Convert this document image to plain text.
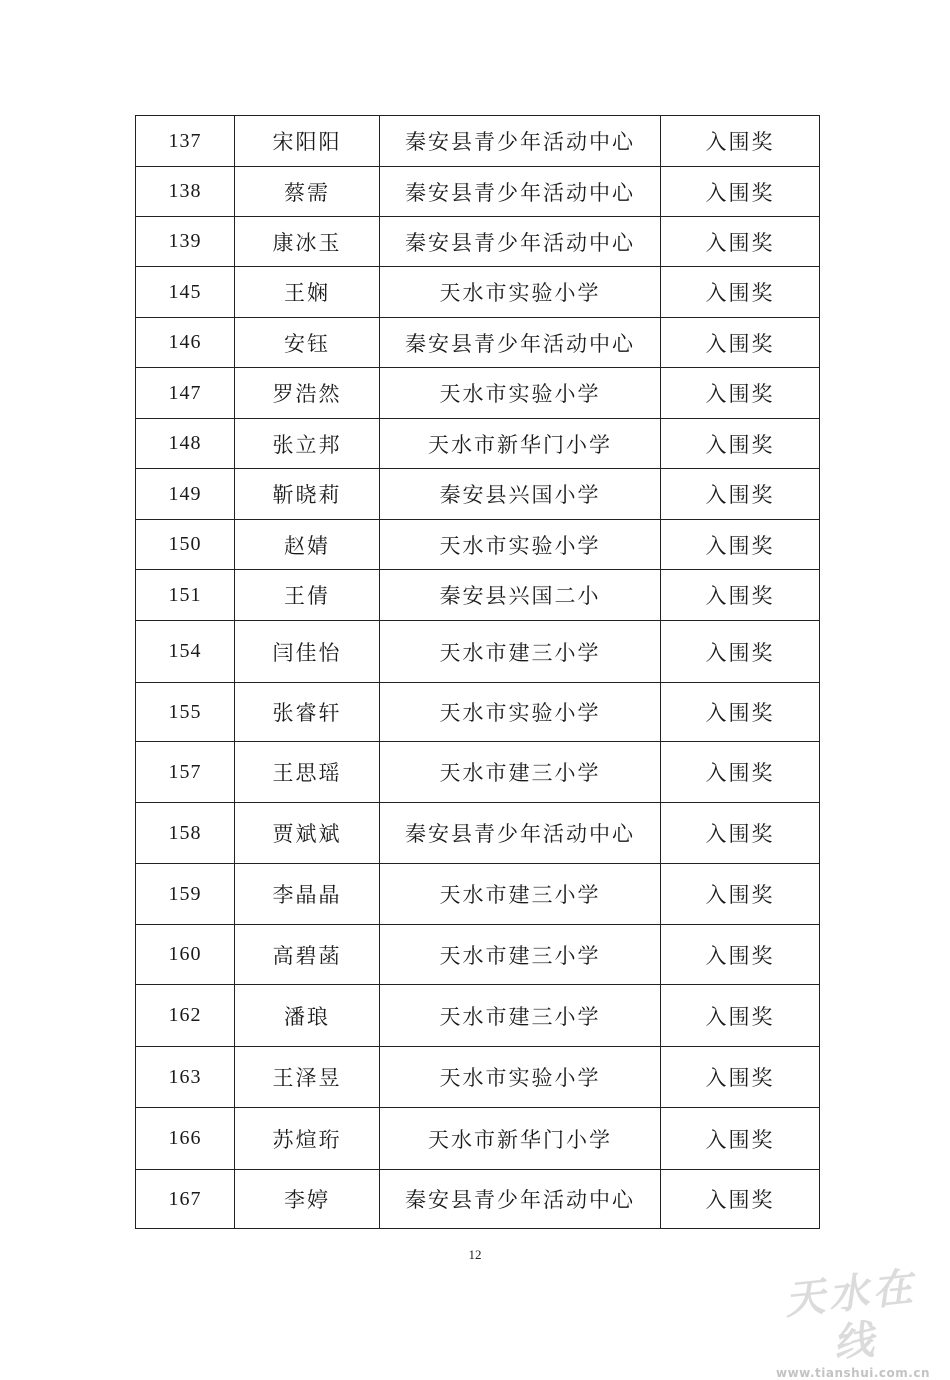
137	宋阳阳	秦安县青少年活动中心	入围奖
138	蔡需	秦安县青少年活动中心	入围奖
139	康冰玉	秦安县青少年活动中心	入围奖
145	王娴	天水市实验小学	入围奖
146	安钰	秦安县青少年活动中心	入围奖
147	罗浩然	天水市实验小学	入围奖
148	张立邦	天水市新华门小学	入围奖
149	靳晓莉	秦安县兴国小学	入围奖
150	赵婧	天水市实验小学	入围奖
151	王倩	秦安县兴国二小	入围奖
154	闫佳怡	天水市建三小学	入围奖
155	张睿轩	天水市实验小学	入围奖
157	王思瑶	天水市建三小学	入围奖
158	贾斌斌	秦安县青少年活动中心	入围奖
159	李晶晶	天水市建三小学	入围奖
160	高碧菡	天水市建三小学	入围奖
162	潘琅	天水市建三小学	入围奖
163	王泽昱	天水市实验小学	入围奖
166	苏煊珩	天水市新华门小学	入围奖
167	李婷	秦安县青少年活动中心	入围奖
12
天水在线
www.tianshui.com.cn
